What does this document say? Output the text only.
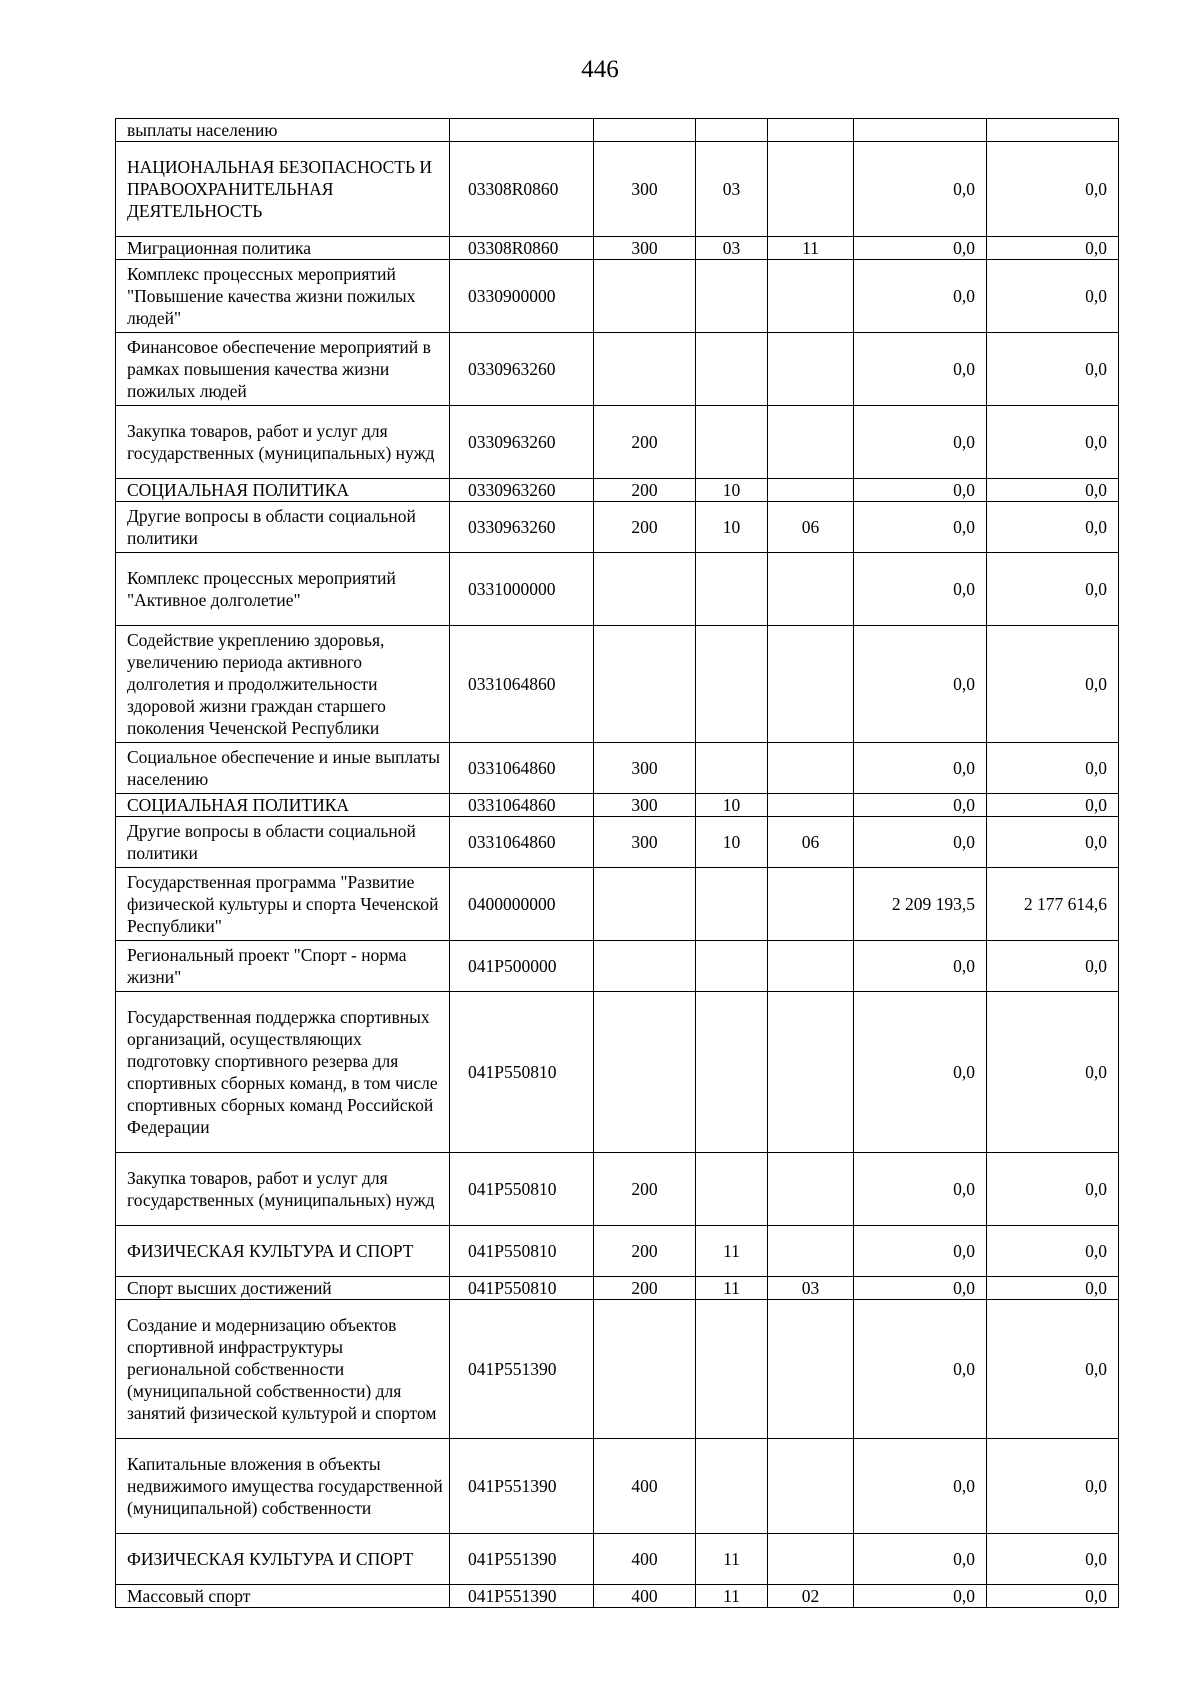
446
выплаты населению						
НАЦИОНАЛЬНАЯ БЕЗОПАСНОСТЬ И ПРАВООХРАНИТЕЛЬНАЯ ДЕЯТЕЛЬНОСТЬ	03308R0860	300	03		0,0	0,0
Миграционная политика	03308R0860	300	03	11	0,0	0,0
Комплекс процессных мероприятий "Повышение качества жизни пожилых людей"	0330900000				0,0	0,0
Финансовое обеспечение мероприятий в рамках повышения качества жизни пожилых людей	0330963260				0,0	0,0
Закупка товаров, работ и услуг для государственных (муниципальных) нужд	0330963260	200			0,0	0,0
СОЦИАЛЬНАЯ ПОЛИТИКА	0330963260	200	10		0,0	0,0
Другие вопросы в области социальной политики	0330963260	200	10	06	0,0	0,0
Комплекс процессных мероприятий "Активное долголетие"	0331000000				0,0	0,0
Содействие укреплению здоровья, увеличению периода активного долголетия и продолжительности здоровой жизни граждан старшего поколения Чеченской Республики	0331064860				0,0	0,0
Социальное обеспечение и иные выплаты населению	0331064860	300			0,0	0,0
СОЦИАЛЬНАЯ ПОЛИТИКА	0331064860	300	10		0,0	0,0
Другие вопросы в области социальной политики	0331064860	300	10	06	0,0	0,0
Государственная программа "Развитие физической культуры и спорта Чеченской Республики"	0400000000				2 209 193,5	2 177 614,6
Региональный проект "Спорт - норма жизни"	041P500000				0,0	0,0
Государственная поддержка спортивных организаций, осуществляющих подготовку спортивного резерва для спортивных сборных команд, в том числе спортивных сборных команд Российской Федерации	041P550810				0,0	0,0
Закупка товаров, работ и услуг для государственных (муниципальных) нужд	041P550810	200			0,0	0,0
ФИЗИЧЕСКАЯ КУЛЬТУРА И СПОРТ	041P550810	200	11		0,0	0,0
Спорт высших достижений	041P550810	200	11	03	0,0	0,0
Создание и модернизацию объектов спортивной инфраструктуры региональной собственности (муниципальной собственности) для занятий физической культурой и спортом	041P551390				0,0	0,0
Капитальные вложения в объекты недвижимого имущества государственной (муниципальной) собственности	041P551390	400			0,0	0,0
ФИЗИЧЕСКАЯ КУЛЬТУРА И СПОРТ	041P551390	400	11		0,0	0,0
Массовый спорт	041P551390	400	11	02	0,0	0,0
